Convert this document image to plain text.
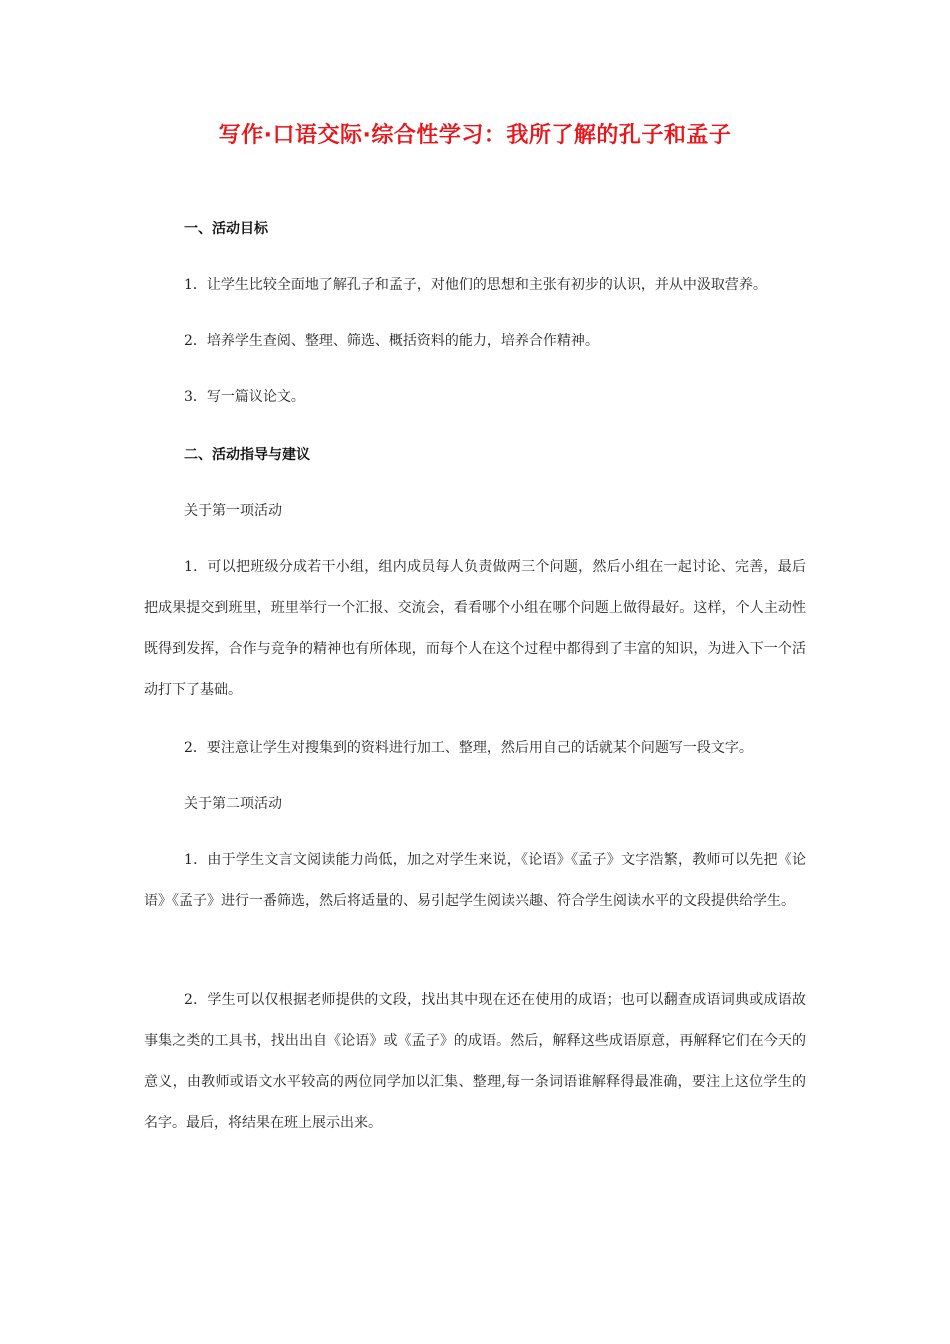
写作·口语交际·综合性学习：我所了解的孔子和孟子
一、活动目标
1．让学生比较全面地了解孔子和孟子，对他们的思想和主张有初步的认识，并从中汲取营养。
2．培养学生查阅、整理、筛选、概括资料的能力，培养合作精神。
3．写一篇议论文。
二、活动指导与建议
关于第一项活动
1．可以把班级分成若干小组，组内成员每人负责做两三个问题，然后小组在一起讨论、完善，最后把成果提交到班里，班里举行一个汇报、交流会，看看哪个小组在哪个问题上做得最好。这样，个人主动性既得到发挥，合作与竞争的精神也有所体现，而每个人在这个过程中都得到了丰富的知识，为进入下一个活动打下了基础。
2．要注意让学生对搜集到的资料进行加工、整理，然后用自己的话就某个问题写一段文字。
关于第二项活动
1．由于学生文言文阅读能力尚低，加之对学生来说，《论语》《孟子》文字浩繁，教师可以先把《论语》《孟子》进行一番筛选，然后将适量的、易引起学生阅读兴趣、符合学生阅读水平的文段提供给学生。
2．学生可以仅根据老师提供的文段，找出其中现在还在使用的成语；也可以翻查成语词典或成语故事集之类的工具书，找出出自《论语》或《孟子》的成语。然后，解释这些成语原意，再解释它们在今天的意义，由教师或语文水平较高的两位同学加以汇集、整理,每一条词语谁解释得最准确，要注上这位学生的名字。最后，将结果在班上展示出来。
